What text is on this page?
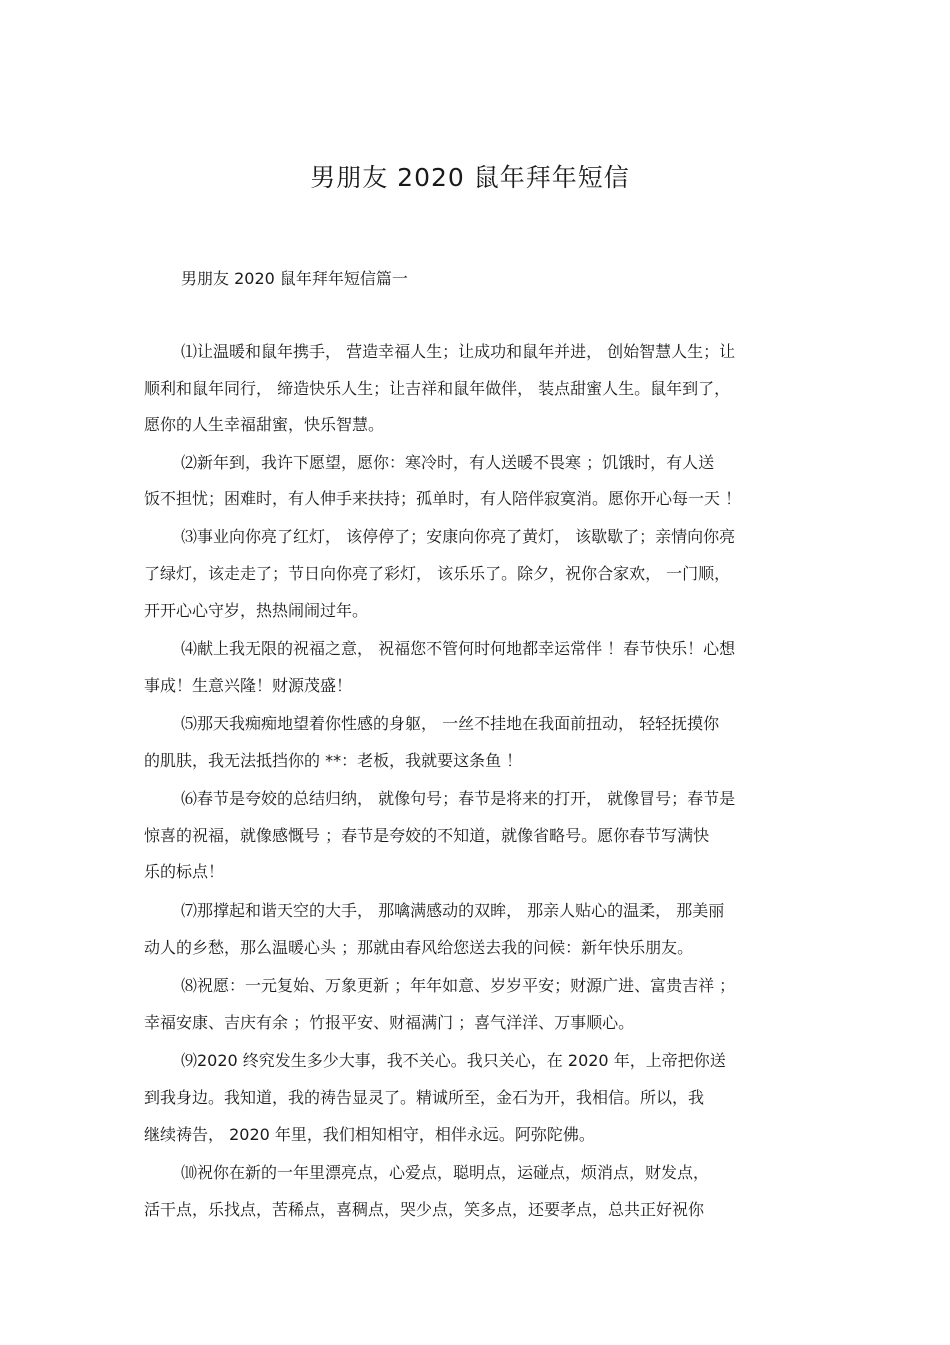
男朋友 2020 鼠年拜年短信
男朋友 2020 鼠年拜年短信篇一
⑴让温暖和鼠年携手， 营造幸福人生；让成功和鼠年并进， 创始智慧人生；让
顺利和鼠年同行， 缔造快乐人生；让吉祥和鼠年做伴， 装点甜蜜人生。鼠年到了，
愿你的人生幸福甜蜜，快乐智慧。
⑵新年到，我许下愿望，愿你：寒冷时，有人送暖不畏寒 ；饥饿时，有人送
饭不担忧；困难时，有人伸手来扶持；孤单时，有人陪伴寂寞消。愿你开心每一天 ！
⑶事业向你亮了红灯， 该停停了；安康向你亮了黄灯， 该歇歇了；亲情向你亮
了绿灯，该走走了；节日向你亮了彩灯， 该乐乐了。除夕，祝你合家欢， 一门顺，
开开心心守岁，热热闹闹过年。
⑷献上我无限的祝福之意， 祝福您不管何时何地都幸运常伴 ！春节快乐！心想
事成！生意兴隆！财源茂盛！
⑸那天我痴痴地望着你性感的身躯， 一丝不挂地在我面前扭动， 轻轻抚摸你
的肌肤，我无法抵挡你的 **：老板，我就要这条鱼 ！
⑹春节是夸姣的总结归纳， 就像句号；春节是将来的打开， 就像冒号；春节是
惊喜的祝福，就像感慨号 ；春节是夸姣的不知道，就像省略号。愿你春节写满快
乐的标点！
⑺那撑起和谐天空的大手， 那噙满感动的双眸， 那亲人贴心的温柔， 那美丽
动人的乡愁，那么温暖心头 ；那就由春风给您送去我的问候：新年快乐朋友。
⑻祝愿：一元复始、万象更新 ；年年如意、岁岁平安；财源广进、富贵吉祥 ；
幸福安康、吉庆有余 ；竹报平安、财福满门 ；喜气洋洋、万事顺心。
⑼2020 终究发生多少大事，我不关心。我只关心，在 2020 年，上帝把你送
到我身边。我知道，我的祷告显灵了。精诚所至，金石为开，我相信。所以，我
继续祷告， 2020 年里，我们相知相守，相伴永远。阿弥陀佛。
⑽祝你在新的一年里漂亮点，心爱点，聪明点，运碰点，烦消点，财发点，
活干点，乐找点，苦稀点，喜稠点，哭少点，笑多点，还要孝点，总共正好祝你
